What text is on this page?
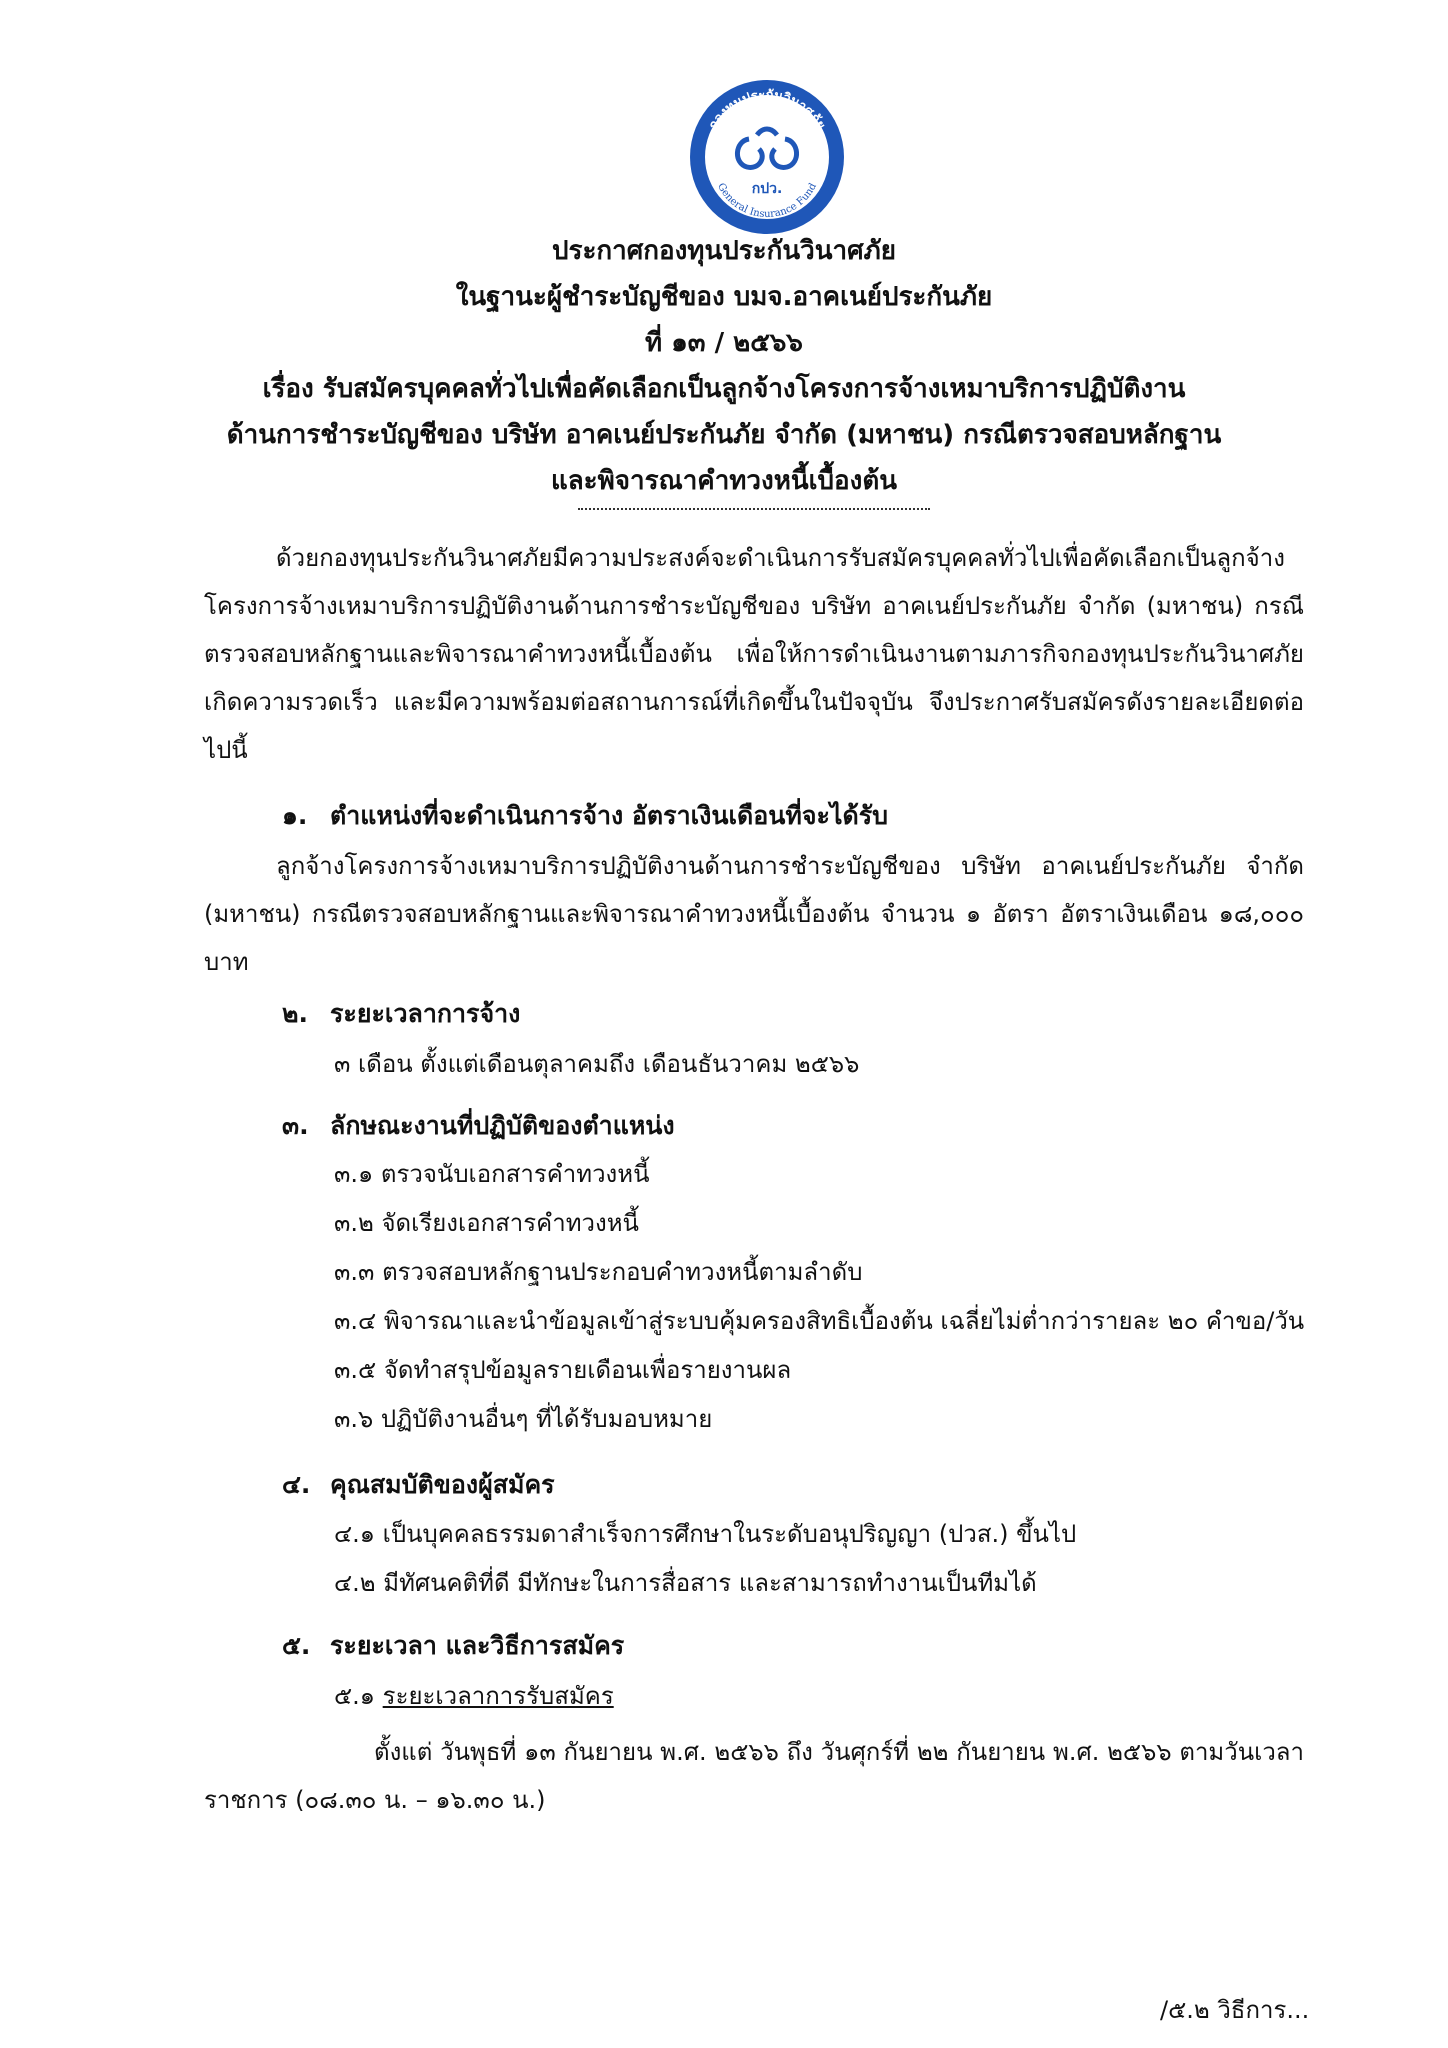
กองทุนประกันวินาศภัย
General Insurance Fund
กปว.
ประกาศกองทุนประกันวินาศภัย
ในฐานะผู้ชำระบัญชีของ บมจ.อาคเนย์ประกันภัย
ที่ ๑๓ / ๒๕๖๖
เรื่อง รับสมัครบุคคลทั่วไปเพื่อคัดเลือกเป็นลูกจ้างโครงการจ้างเหมาบริการปฏิบัติงาน
ด้านการชำระบัญชีของ บริษัท อาคเนย์ประกันภัย จำกัด (มหาชน) กรณีตรวจสอบหลักฐาน
และพิจารณาคำทวงหนี้เบื้องต้น

ด้วยกองทุนประกันวินาศภัยมีความประสงค์จะดำเนินการรับสมัครบุคคลทั่วไปเพื่อคัดเลือกเป็นลูกจ้างโครงการจ้างเหมาบริการปฏิบัติงานด้านการชำระบัญชีของ บริษัท อาคเนย์ประกันภัย จำกัด (มหาชน) กรณีตรวจสอบหลักฐานและพิจารณาคำทวงหนี้เบื้องต้น เพื่อให้การดำเนินงานตามภารกิจกองทุนประกันวินาศภัย เกิดความรวดเร็ว และมีความพร้อมต่อสถานการณ์ที่เกิดขึ้นในปัจจุบัน จึงประกาศรับสมัครดังรายละเอียดต่อไปนี้

๑. ตำแหน่งที่จะดำเนินการจ้าง อัตราเงินเดือนที่จะได้รับ

ลูกจ้างโครงการจ้างเหมาบริการปฏิบัติงานด้านการชำระบัญชีของ บริษัท อาคเนย์ประกันภัย จำกัด (มหาชน) กรณีตรวจสอบหลักฐานและพิจารณาคำทวงหนี้เบื้องต้น จำนวน ๑ อัตรา อัตราเงินเดือน ๑๘,๐๐๐ บาท

๒. ระยะเวลาการจ้าง
๓ เดือน ตั้งแต่เดือนตุลาคมถึง เดือนธันวาคม ๒๕๖๖
๓. ลักษณะงานที่ปฏิบัติของตำแหน่ง
๓.๑ ตรวจนับเอกสารคำทวงหนี้
๓.๒ จัดเรียงเอกสารคำทวงหนี้
๓.๓ ตรวจสอบหลักฐานประกอบคำทวงหนี้ตามลำดับ
๓.๔ พิจารณาและนำข้อมูลเข้าสู่ระบบคุ้มครองสิทธิเบื้องต้น เฉลี่ยไม่ต่ำกว่ารายละ ๒๐ คำขอ/วัน
๓.๕ จัดทำสรุปข้อมูลรายเดือนเพื่อรายงานผล
๓.๖ ปฏิบัติงานอื่นๆ ที่ได้รับมอบหมาย
๔. คุณสมบัติของผู้สมัคร
๔.๑ เป็นบุคคลธรรมดาสำเร็จการศึกษาในระดับอนุปริญญา (ปวส.) ขึ้นไป
๔.๒ มีทัศนคติที่ดี มีทักษะในการสื่อสาร และสามารถทำงานเป็นทีมได้
๕. ระยะเวลา และวิธีการสมัคร
๕.๑ ระยะเวลาการรับสมัคร

ตั้งแต่ วันพุธที่ ๑๓ กันยายน พ.ศ. ๒๕๖๖ ถึง วันศุกร์ที่ ๒๒ กันยายน พ.ศ. ๒๕๖๖ ตามวันเวลาราชการ (๐๘.๓๐ น. – ๑๖.๓๐ น.)

/๕.๒ วิธีการ...
